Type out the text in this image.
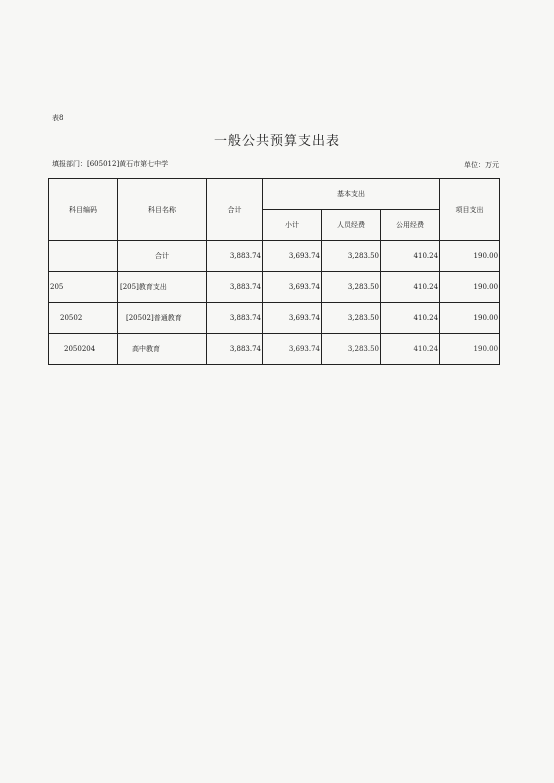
表8
一般公共预算支出表
填报部门：[605012]黄石市第七中学	单位：万元
科目编码	科目名称	合计	基本支出			项目支出
			小计	人员经费	公用经费	
	合计	3,883.74	3,693.74	3,283.50	410.24	190.00
205	[205]教育支出	3,883.74	3,693.74	3,283.50	410.24	190.00
20502	[20502]普通教育	3,883.74	3,693.74	3,283.50	410.24	190.00
2050204	高中教育	3,883.74	3,693.74	3,283.50	410.24	190.00
